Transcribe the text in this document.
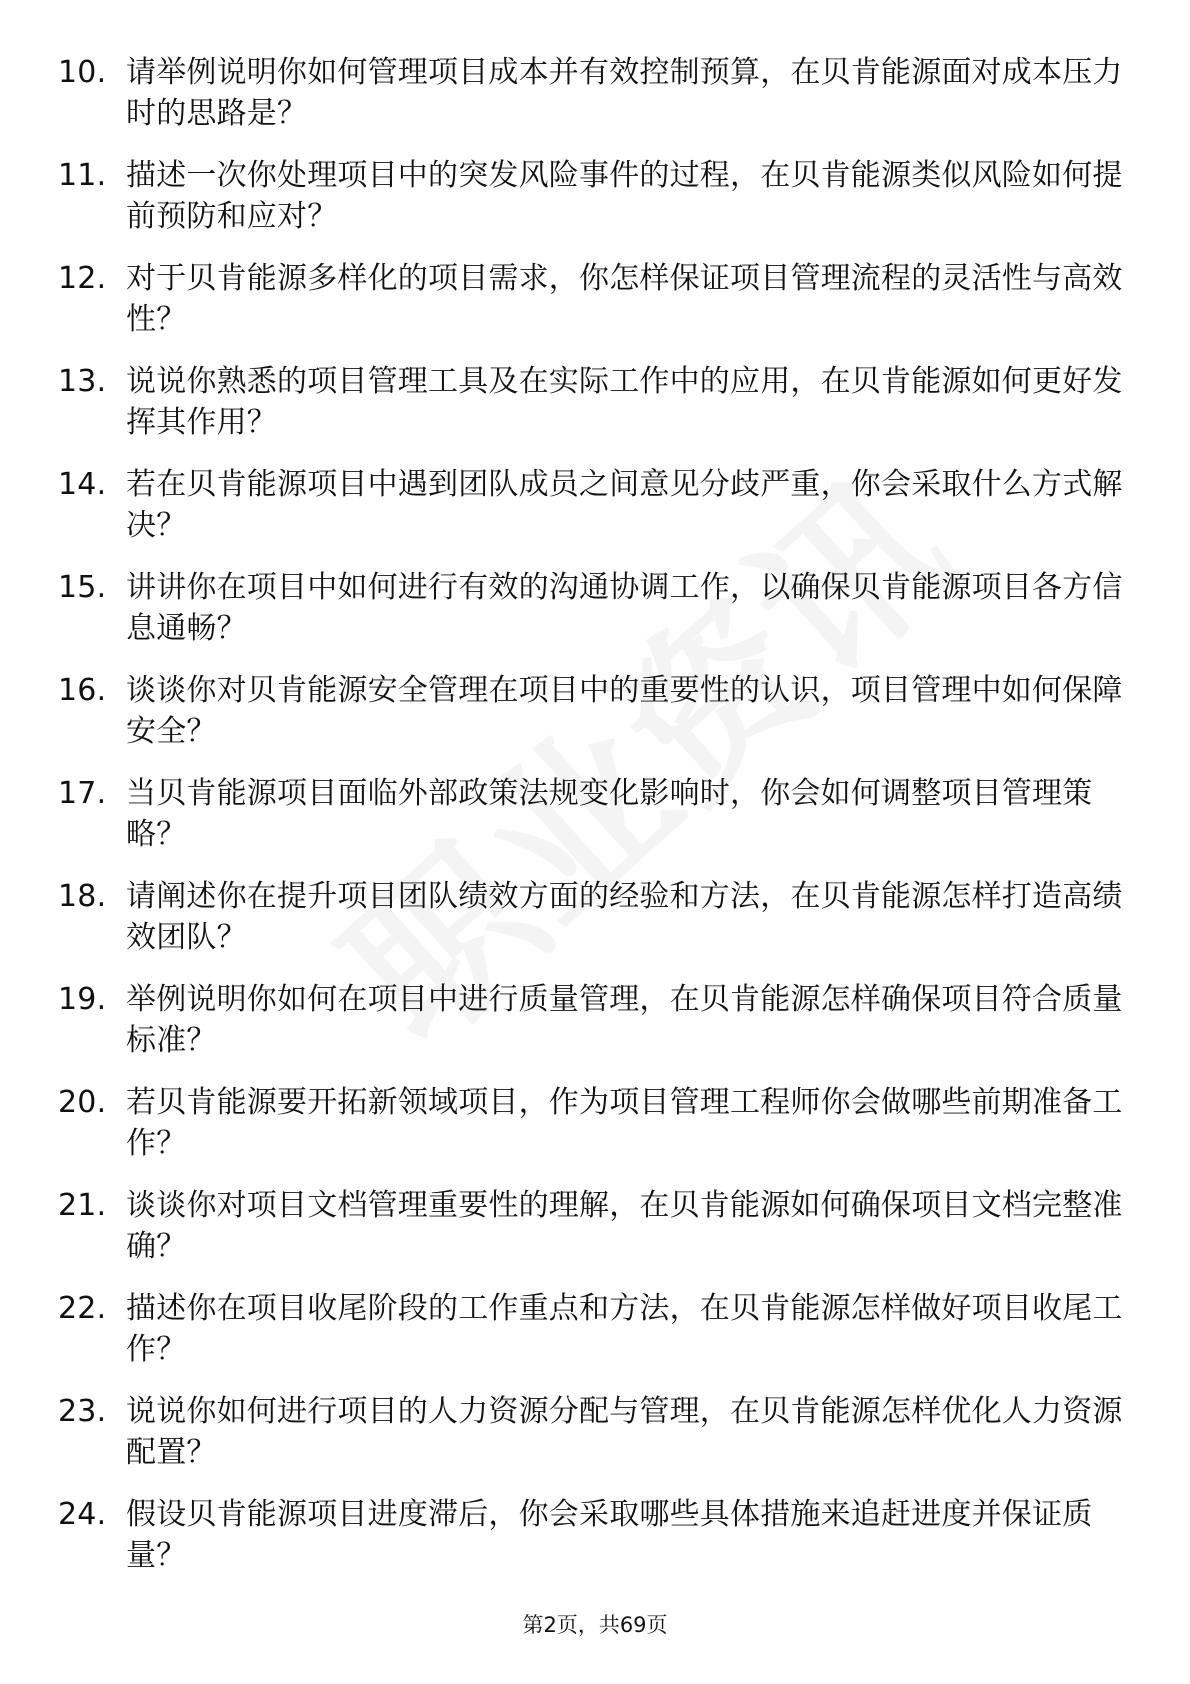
10. 请举例说明你如何管理项目成本并有效控制预算，在贝肯能源面对成本压力时的思路是？
11. 描述一次你处理项目中的突发风险事件的过程，在贝肯能源类似风险如何提前预防和应对？
12. 对于贝肯能源多样化的项目需求，你怎样保证项目管理流程的灵活性与高效性？
13. 说说你熟悉的项目管理工具及在实际工作中的应用，在贝肯能源如何更好发挥其作用？
14. 若在贝肯能源项目中遇到团队成员之间意见分歧严重，你会采取什么方式解决？
15. 讲讲你在项目中如何进行有效的沟通协调工作，以确保贝肯能源项目各方信息通畅？
16. 谈谈你对贝肯能源安全管理在项目中的重要性的认识，项目管理中如何保障安全？
17. 当贝肯能源项目面临外部政策法规变化影响时，你会如何调整项目管理策略？
18. 请阐述你在提升项目团队绩效方面的经验和方法，在贝肯能源怎样打造高绩效团队？
19. 举例说明你如何在项目中进行质量管理，在贝肯能源怎样确保项目符合质量标准？
20. 若贝肯能源要开拓新领域项目，作为项目管理工程师你会做哪些前期准备工作？
21. 谈谈你对项目文档管理重要性的理解，在贝肯能源如何确保项目文档完整准确？
22. 描述你在项目收尾阶段的工作重点和方法，在贝肯能源怎样做好项目收尾工作？
23. 说说你如何进行项目的人力资源分配与管理，在贝肯能源怎样优化人力资源配置？
24. 假设贝肯能源项目进度滞后，你会采取哪些具体措施来追赶进度并保证质量？
第2页，共69页
